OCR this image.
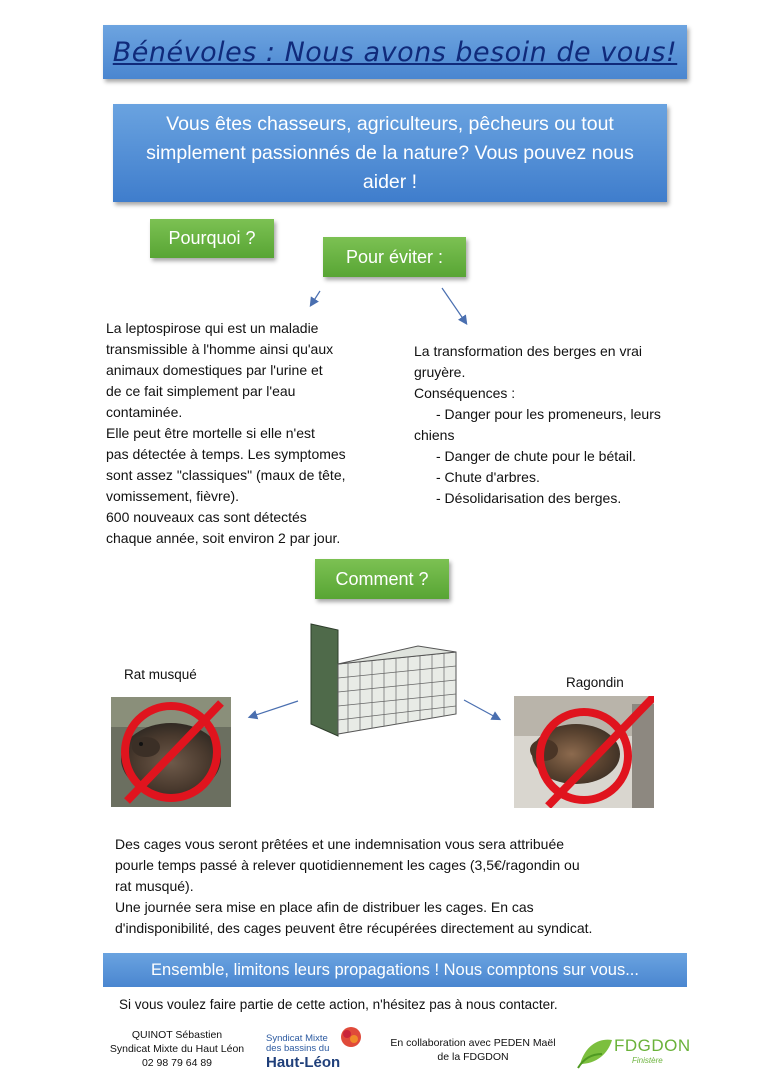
Bénévoles : Nous avons besoin de vous!
Vous êtes chasseurs, agriculteurs, pêcheurs ou tout simplement passionnés de la nature? Vous pouvez nous aider !
Pourquoi ?
Pour éviter :
La leptospirose qui est un maladie
transmissible à l'homme ainsi qu'aux
animaux domestiques par l'urine et
de ce fait simplement par l'eau
contaminée.
Elle peut être mortelle si elle n'est
pas détectée à temps. Les symptomes
sont assez "classiques" (maux de tête,
vomissement, fièvre).
600 nouveaux cas sont détectés
chaque année, soit environ 2 par jour.
La transformation des berges en vrai gruyère.
Conséquences :
- Danger pour les promeneurs, leurs chiens
- Danger de chute pour le bétail.
- Chute d'arbres.
- Désolidarisation des berges.
Comment ?
Rat musqué
Ragondin
Des cages vous seront prêtées et une indemnisation vous sera attribuée
pourle temps passé à relever quotidiennement les cages (3,5€/ragondin ou
rat musqué).
Une journée sera mise en place afin de distribuer les cages. En cas
d'indisponibilité, des cages peuvent être récupérées directement au syndicat.
Ensemble, limitons leurs propagations ! Nous comptons sur vous...
Si vous voulez faire partie de cette action, n'hésitez pas à nous contacter.
QUINOT Sébastien
Syndicat Mixte du Haut Léon
02 98 79 64 89
Syndicat Mixte
des bassins du
Haut-Léon
En collaboration avec PEDEN Maël
de la FDGDON
FDGDON
Finistère
